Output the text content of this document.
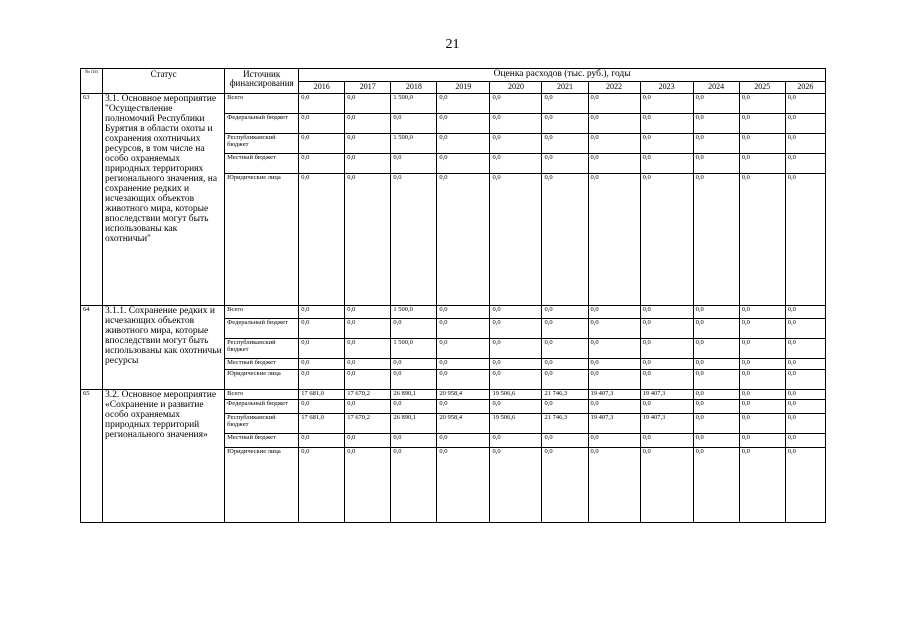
21
№ п/п	Статус	Источник финансирования	Оценка расходов (тыс. руб.), годы										
			2016	2017	2018	2019	2020	2021	2022	2023	2024	2025	2026
63	3.1. Основное мероприятие "Осуществление полномочий Республики Бурятия в области охоты и сохранения охотничьих ресурсов, в том числе на особо охраняемых природных территориях регионального значения, на сохранение редких и исчезающих объектов животного мира, которые впоследствии могут быть использованы как охотничьи"	Всего	0,0	0,0	1 500,0	0,0	0,0	0,0	0,0	0,0	0,0	0,0	0,0
		Федеральный бюджет	0,0	0,0	0,0	0,0	0,0	0,0	0,0	0,0	0,0	0,0	0,0
		Республиканский бюджет	0,0	0,0	1 500,0	0,0	0,0	0,0	0,0	0,0	0,0	0,0	0,0
		Местный бюджет	0,0	0,0	0,0	0,0	0,0	0,0	0,0	0,0	0,0	0,0	0,0
		Юридические лица	0,0	0,0	0,0	0,0	0,0	0,0	0,0	0,0	0,0	0,0	0,0
64	3.1.1. Сохранение редких и исчезающих объектов животного мира, которые впоследствии могут быть использованы как охотничьи ресурсы	Всего	0,0	0,0	1 500,0	0,0	0,0	0,0	0,0	0,0	0,0	0,0	0,0
		Федеральный бюджет	0,0	0,0	0,0	0,0	0,0	0,0	0,0	0,0	0,0	0,0	0,0
		Республиканский бюджет	0,0	0,0	1 500,0	0,0	0,0	0,0	0,0	0,0	0,0	0,0	0,0
		Местный бюджет	0,0	0,0	0,0	0,0	0,0	0,0	0,0	0,0	0,0	0,0	0,0
		Юридические лица	0,0	0,0	0,0	0,0	0,0	0,0	0,0	0,0	0,0	0,0	0,0
65	3.2. Основное мероприятие «Сохранение и развитие особо охраняемых природных территорий регионального значения»	Всего	17 681,0	17 670,2	26 890,1	20 958,4	19 506,6	21 746,3	19 407,3	19 407,3	0,0	0,0	0,0
		Федеральный бюджет	0,0	0,0	0,0	0,0	0,0	0,0	0,0	0,0	0,0	0,0	0,0
		Республиканский бюджет	17 681,0	17 670,2	26 890,1	20 958,4	19 506,6	21 746,3	19 407,3	19 407,3	0,0	0,0	0,0
		Местный бюджет	0,0	0,0	0,0	0,0	0,0	0,0	0,0	0,0	0,0	0,0	0,0
		Юридические лица	0,0	0,0	0,0	0,0	0,0	0,0	0,0	0,0	0,0	0,0	0,0
